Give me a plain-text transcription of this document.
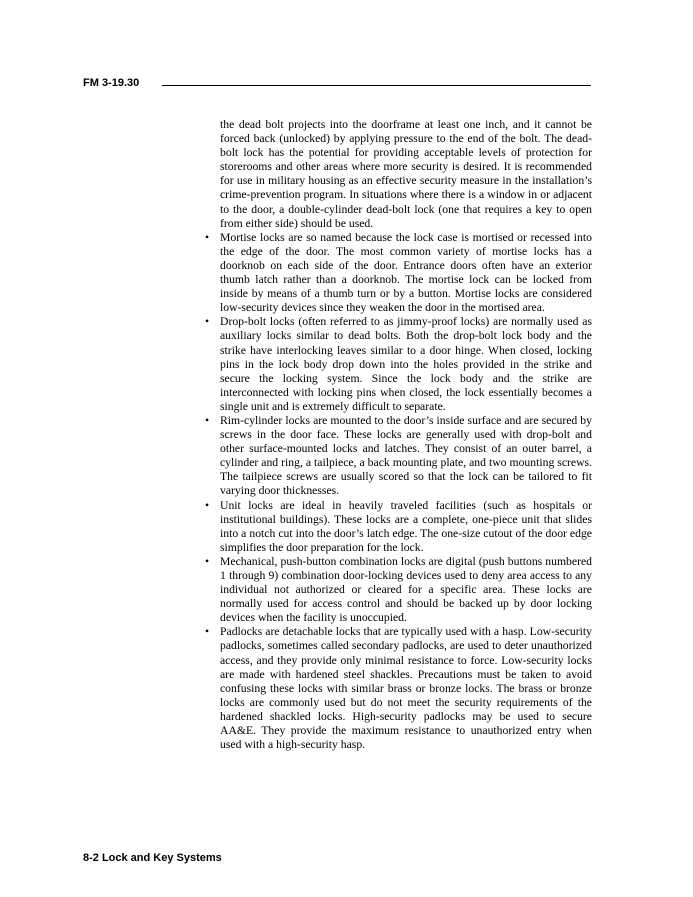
FM 3-19.30

the dead bolt projects into the doorframe at least one inch, and it cannot be forced back (unlocked) by applying pressure to the end of the bolt. The dead-bolt lock has the potential for providing acceptable levels of protection for storerooms and other areas where more security is desired. It is recommended for use in military housing as an effective security measure in the installation’s crime-prevention program. In situations where there is a window in or adjacent to the door, a double-cylinder dead-bolt lock (one that requires a key to open from either side) should be used.

• Mortise locks are so named because the lock case is mortised or recessed into the edge of the door. The most common variety of mortise locks has a doorknob on each side of the door. Entrance doors often have an exterior thumb latch rather than a doorknob. The mortise lock can be locked from inside by means of a thumb turn or by a button. Mortise locks are considered low-security devices since they weaken the door in the mortised area.
• Drop-bolt locks (often referred to as jimmy-proof locks) are normally used as auxiliary locks similar to dead bolts. Both the drop-bolt lock body and the strike have interlocking leaves similar to a door hinge. When closed, locking pins in the lock body drop down into the holes provided in the strike and secure the locking system. Since the lock body and the strike are interconnected with locking pins when closed, the lock essentially becomes a single unit and is extremely difficult to separate.
• Rim-cylinder locks are mounted to the door’s inside surface and are secured by screws in the door face. These locks are generally used with drop-bolt and other surface-mounted locks and latches. They consist of an outer barrel, a cylinder and ring, a tailpiece, a back mounting plate, and two mounting screws. The tailpiece screws are usually scored so that the lock can be tailored to fit varying door thicknesses.
• Unit locks are ideal in heavily traveled facilities (such as hospitals or institutional buildings). These locks are a complete, one-piece unit that slides into a notch cut into the door’s latch edge. The one-size cutout of the door edge simplifies the door preparation for the lock.
• Mechanical, push-button combination locks are digital (push buttons numbered 1 through 9) combination door-locking devices used to deny area access to any individual not authorized or cleared for a specific area. These locks are normally used for access control and should be backed up by door locking devices when the facility is unoccupied.
• Padlocks are detachable locks that are typically used with a hasp. Low-security padlocks, sometimes called secondary padlocks, are used to deter unauthorized access, and they provide only minimal resistance to force. Low-security locks are made with hardened steel shackles. Precautions must be taken to avoid confusing these locks with similar brass or bronze locks. The brass or bronze locks are commonly used but do not meet the security requirements of the hardened shackled locks. High-security padlocks may be used to secure AA&E. They provide the maximum resistance to unauthorized entry when used with a high-security hasp.
8-2 Lock and Key Systems
